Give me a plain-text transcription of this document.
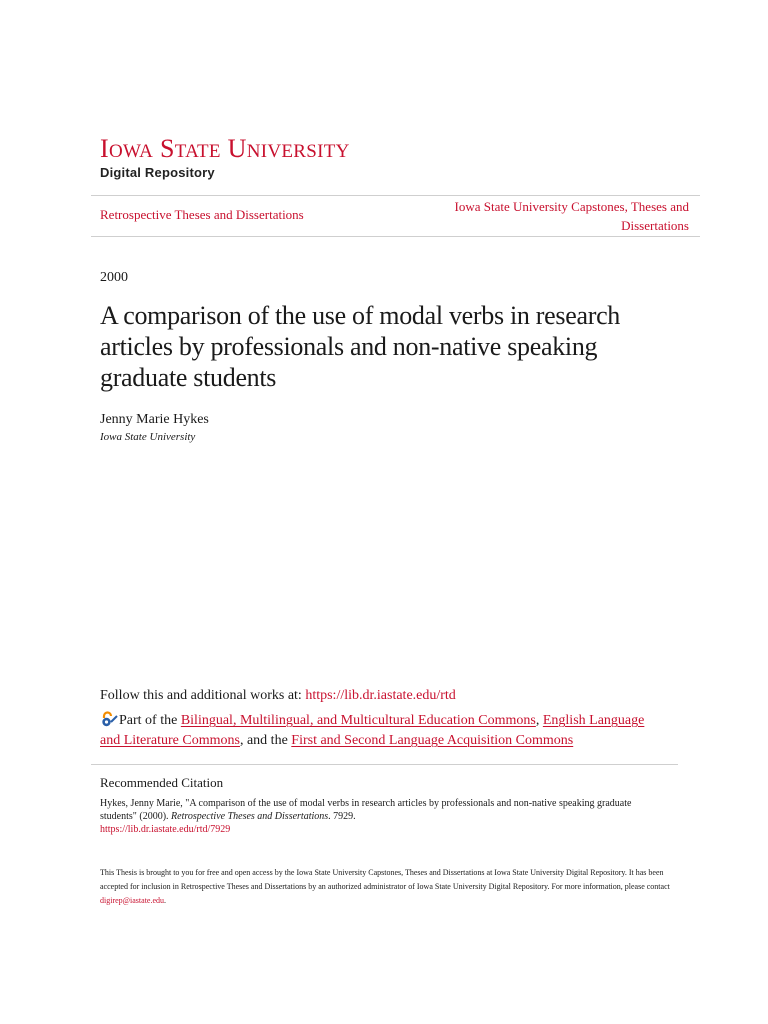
IOWA STATE UNIVERSITY
Digital Repository
Retrospective Theses and Dissertations
Iowa State University Capstones, Theses and Dissertations
2000
A comparison of the use of modal verbs in research articles by professionals and non-native speaking graduate students
Jenny Marie Hykes
Iowa State University
Follow this and additional works at: https://lib.dr.iastate.edu/rtd
Part of the Bilingual, Multilingual, and Multicultural Education Commons, English Language and Literature Commons, and the First and Second Language Acquisition Commons
Recommended Citation
Hykes, Jenny Marie, "A comparison of the use of modal verbs in research articles by professionals and non-native speaking graduate students" (2000). Retrospective Theses and Dissertations. 7929.
https://lib.dr.iastate.edu/rtd/7929
This Thesis is brought to you for free and open access by the Iowa State University Capstones, Theses and Dissertations at Iowa State University Digital Repository. It has been accepted for inclusion in Retrospective Theses and Dissertations by an authorized administrator of Iowa State University Digital Repository. For more information, please contact digirep@iastate.edu.
